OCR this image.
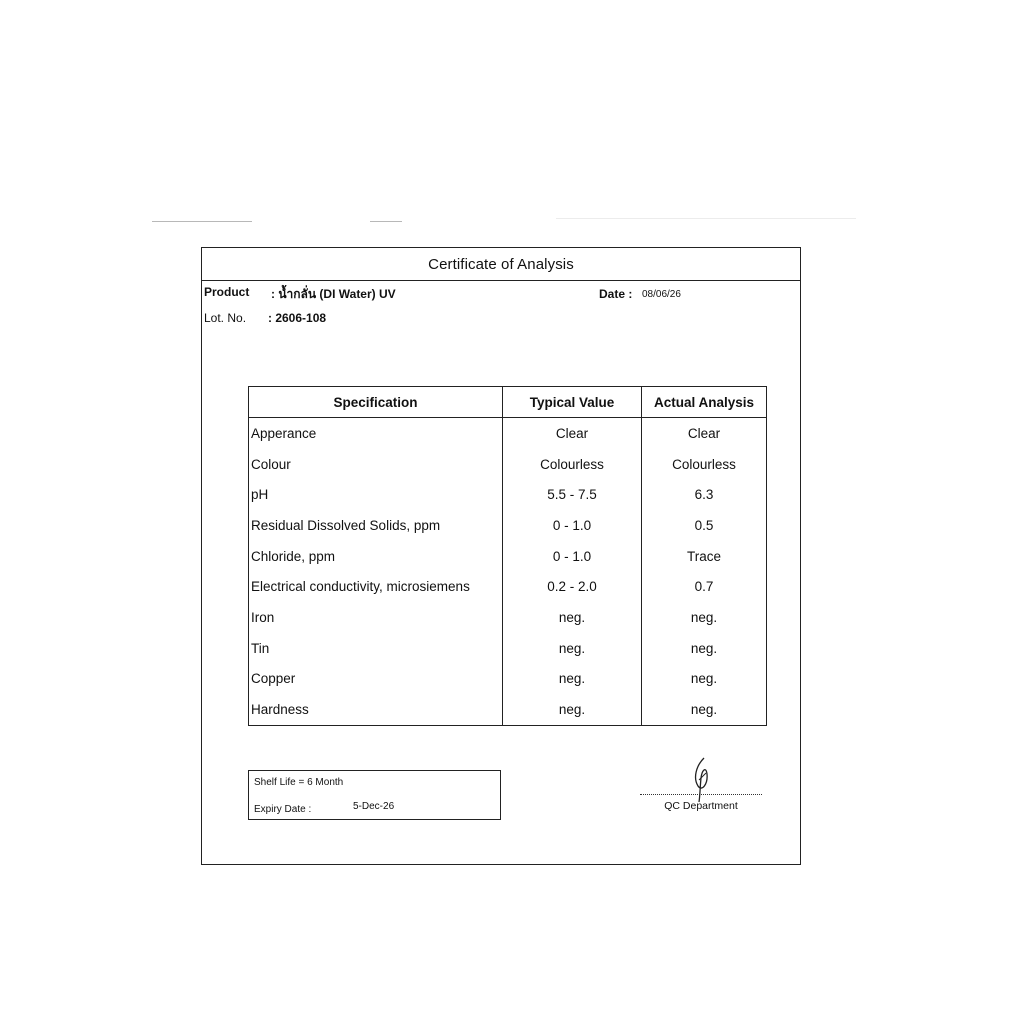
Certificate of Analysis
Product : น้ำกลั่น (DI Water) UV	Date : 08/06/26
Lot. No. : 2606-108
Specification	Typical Value	Actual Analysis
Apperance	Clear	Clear
Colour	Colourless	Colourless
pH	5.5 - 7.5	6.3
Residual Dissolved Solids, ppm	0 - 1.0	0.5
Chloride, ppm	0 - 1.0	Trace
Electrical conductivity, microsiemens	0.2 - 2.0	0.7
Iron	neg.	neg.
Tin	neg.	neg.
Copper	neg.	neg.
Hardness	neg.	neg.
Shelf Life = 6 Month
Expiry Date :	5-Dec-26	QC Department
